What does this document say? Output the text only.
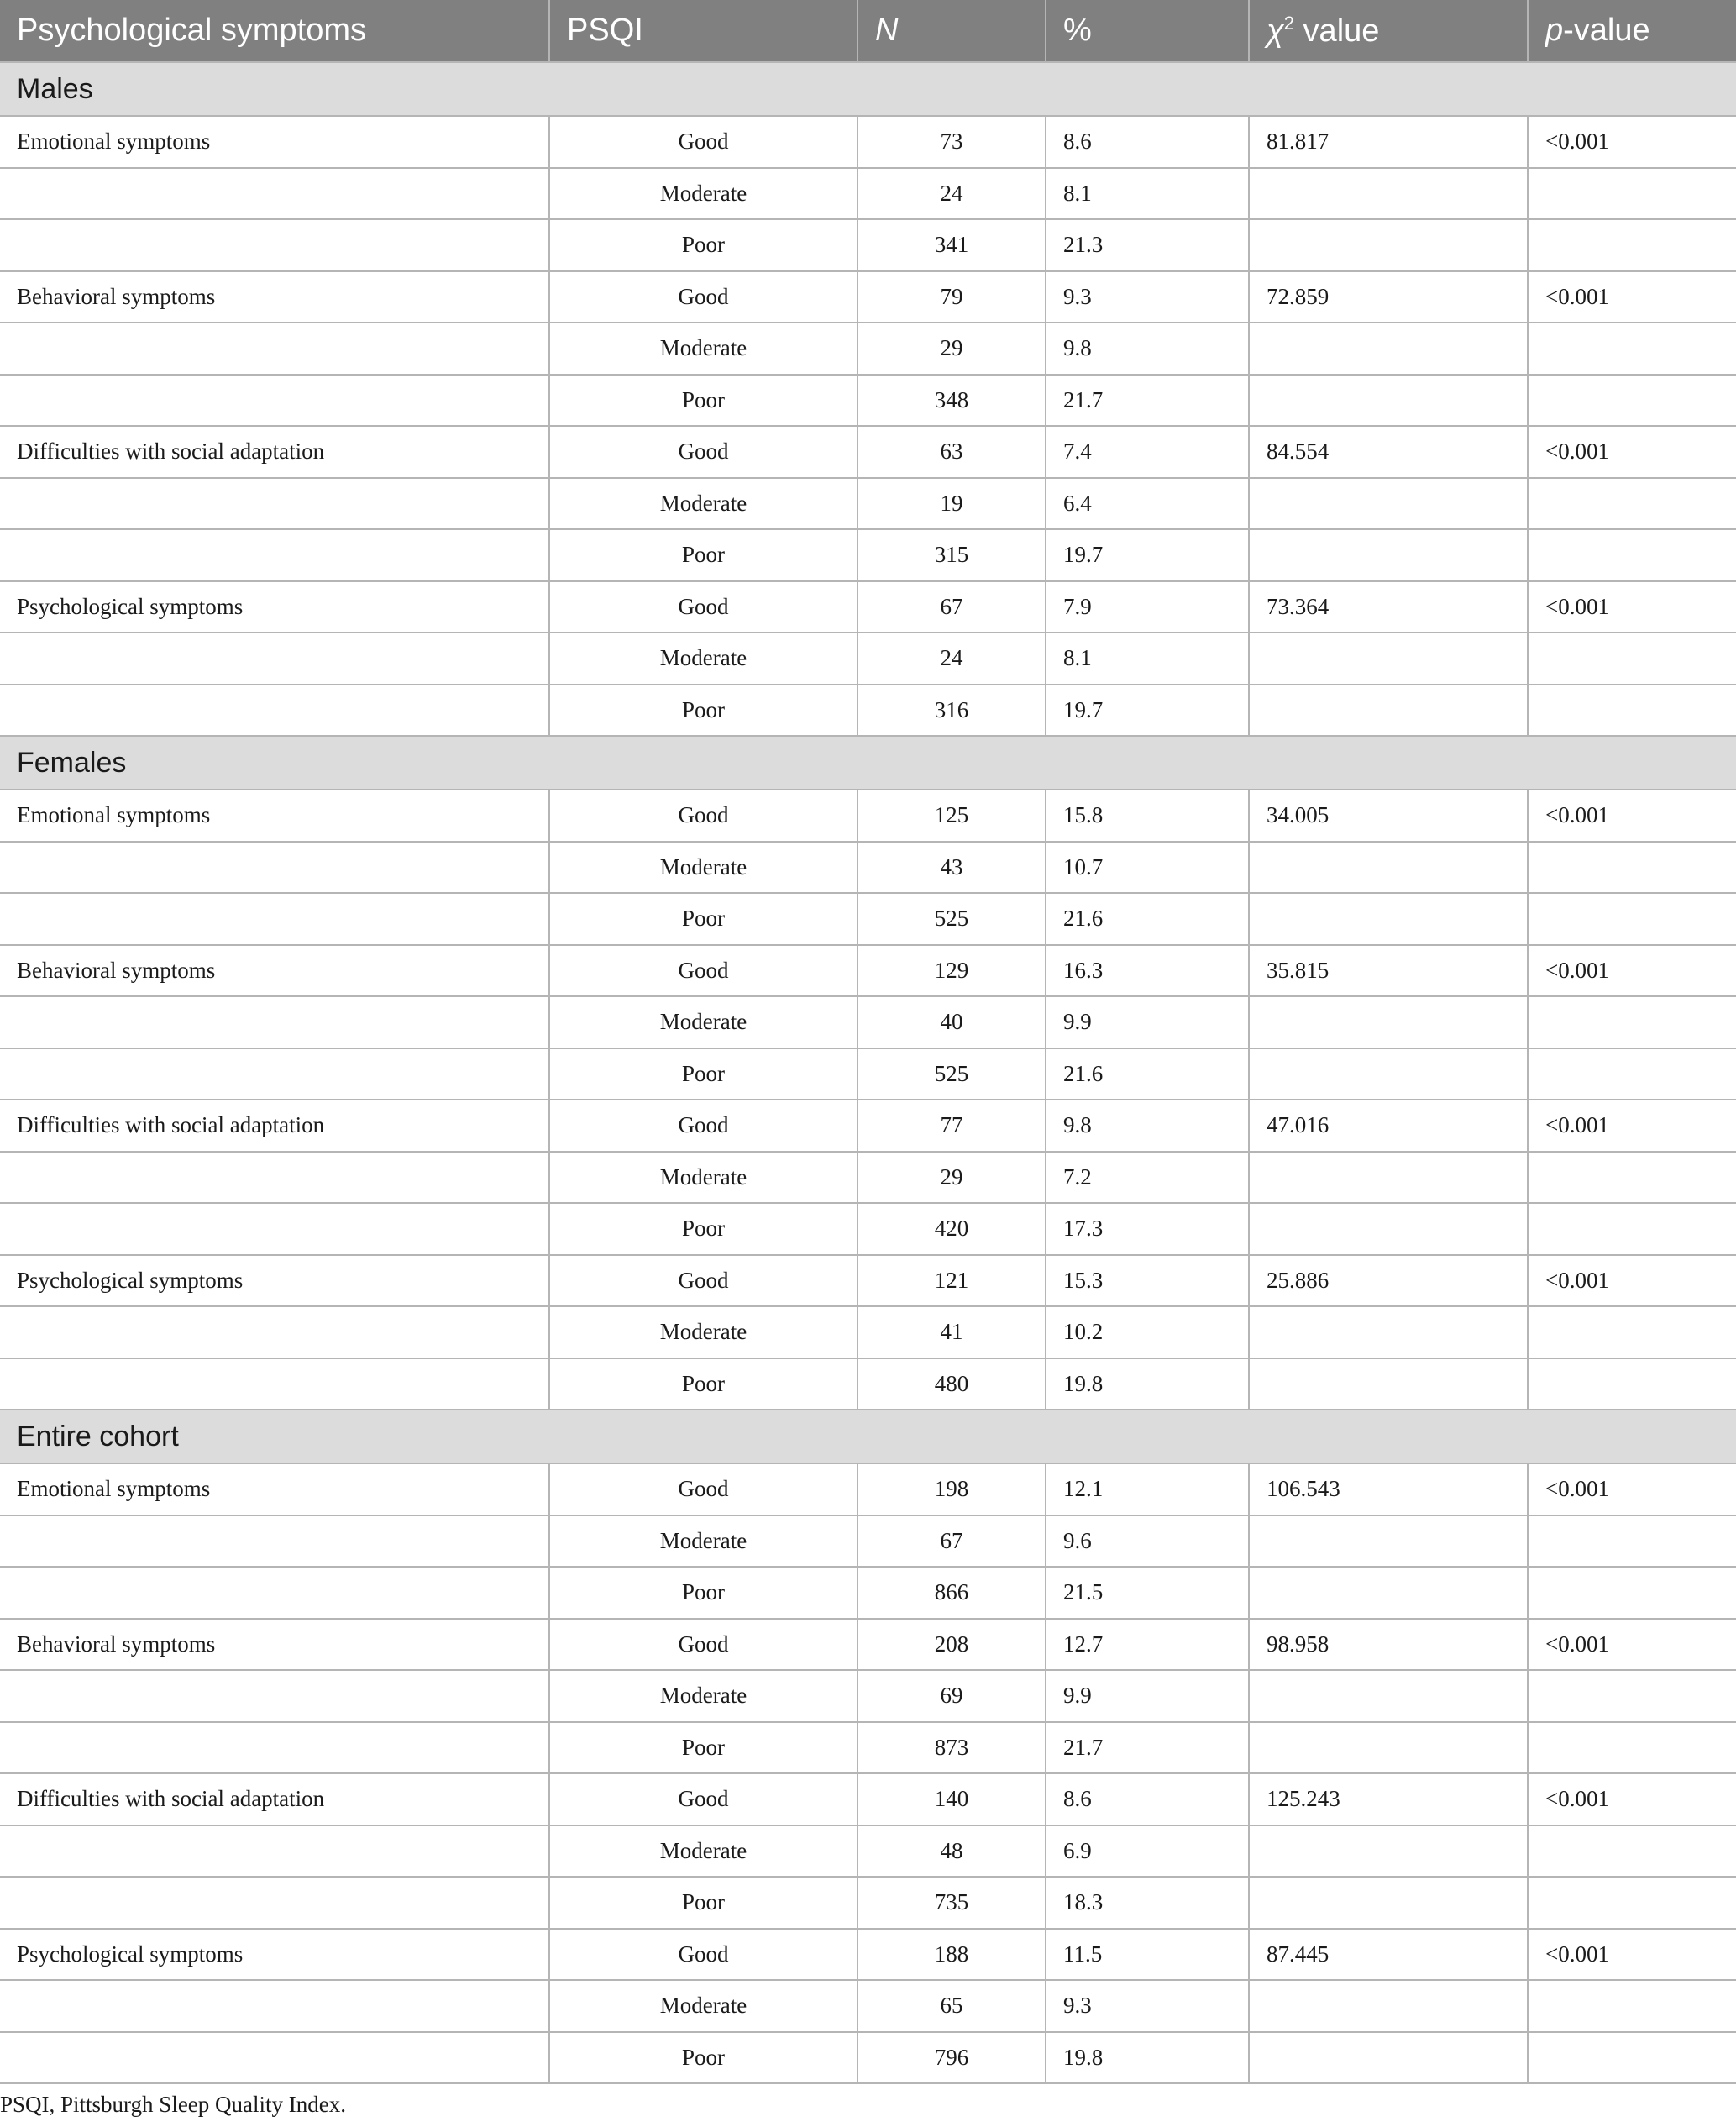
Psychological symptoms	PSQI	N	%	$\chi^2$ value	p-value
Males					
Emotional symptoms	Good	73	8.6	81.817	<0.001
	Moderate	24	8.1		
	Poor	341	21.3		
Behavioral symptoms	Good	79	9.3	72.859	<0.001
	Moderate	29	9.8		
	Poor	348	21.7		
Difficulties with social adaptation	Good	63	7.4	84.554	<0.001
	Moderate	19	6.4		
	Poor	315	19.7		
Psychological symptoms	Good	67	7.9	73.364	<0.001
	Moderate	24	8.1		
	Poor	316	19.7		
Females					
Emotional symptoms	Good	125	15.8	34.005	<0.001
	Moderate	43	10.7		
	Poor	525	21.6		
Behavioral symptoms	Good	129	16.3	35.815	<0.001
	Moderate	40	9.9		
	Poor	525	21.6		
Difficulties with social adaptation	Good	77	9.8	47.016	<0.001
	Moderate	29	7.2		
	Poor	420	17.3		
Psychological symptoms	Good	121	15.3	25.886	<0.001
	Moderate	41	10.2		
	Poor	480	19.8		
Entire cohort					
Emotional symptoms	Good	198	12.1	106.543	<0.001
	Moderate	67	9.6		
	Poor	866	21.5		
Behavioral symptoms	Good	208	12.7	98.958	<0.001
	Moderate	69	9.9		
	Poor	873	21.7		
Difficulties with social adaptation	Good	140	8.6	125.243	<0.001
	Moderate	48	6.9		
	Poor	735	18.3		
Psychological symptoms	Good	188	11.5	87.445	<0.001
	Moderate	65	9.3		
	Poor	796	19.8		
PSQI, Pittsburgh Sleep Quality Index.
